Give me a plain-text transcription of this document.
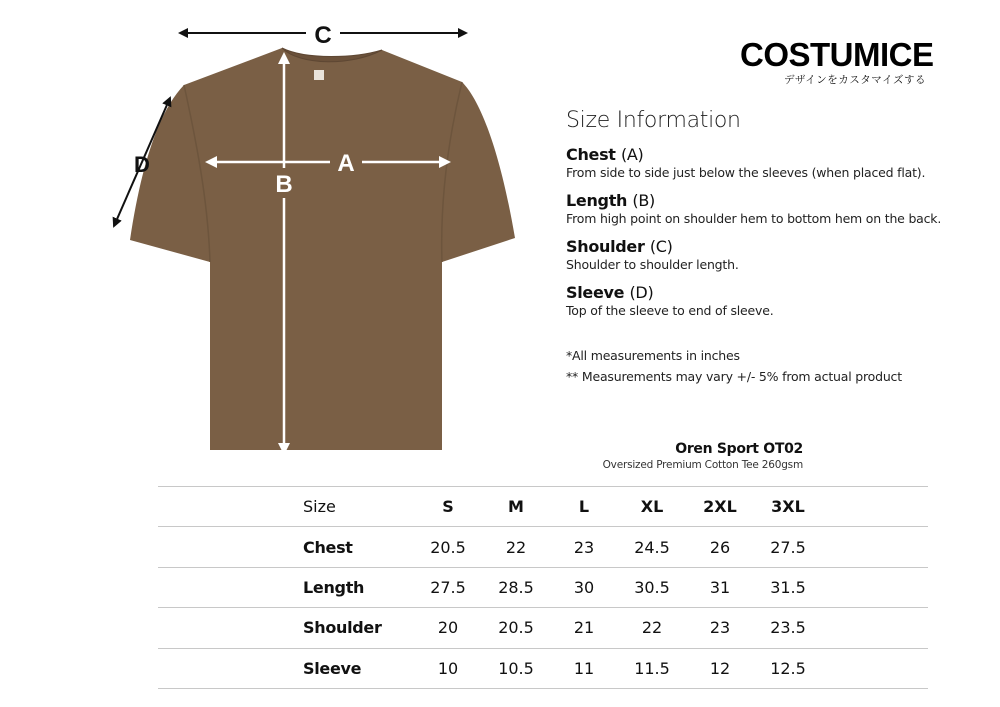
C
D	A
B
COSTUMICE
デザインをカスタマイズする
Size Information
Chest (A)
From side to side just below the sleeves (when placed flat).
Length (B)
From high point on shoulder hem to bottom hem on the back.
Shoulder (C)
Shoulder to shoulder length.
Sleeve (D)
Top of the sleeve to end of sleeve.
*All measurements in inches
** Measurements may vary +/- 5% from actual product
Oren Sport OT02
Oversized Premium Cotton Tee 260gsm
Size	S	M	L	XL	2XL	3XL	
Chest	20.5	22	23	24.5	26	27.5	
Length	27.5	28.5	30	30.5	31	31.5	
Shoulder	20	20.5	21	22	23	23.5	
Sleeve	10	10.5	11	11.5	12	12.5	
